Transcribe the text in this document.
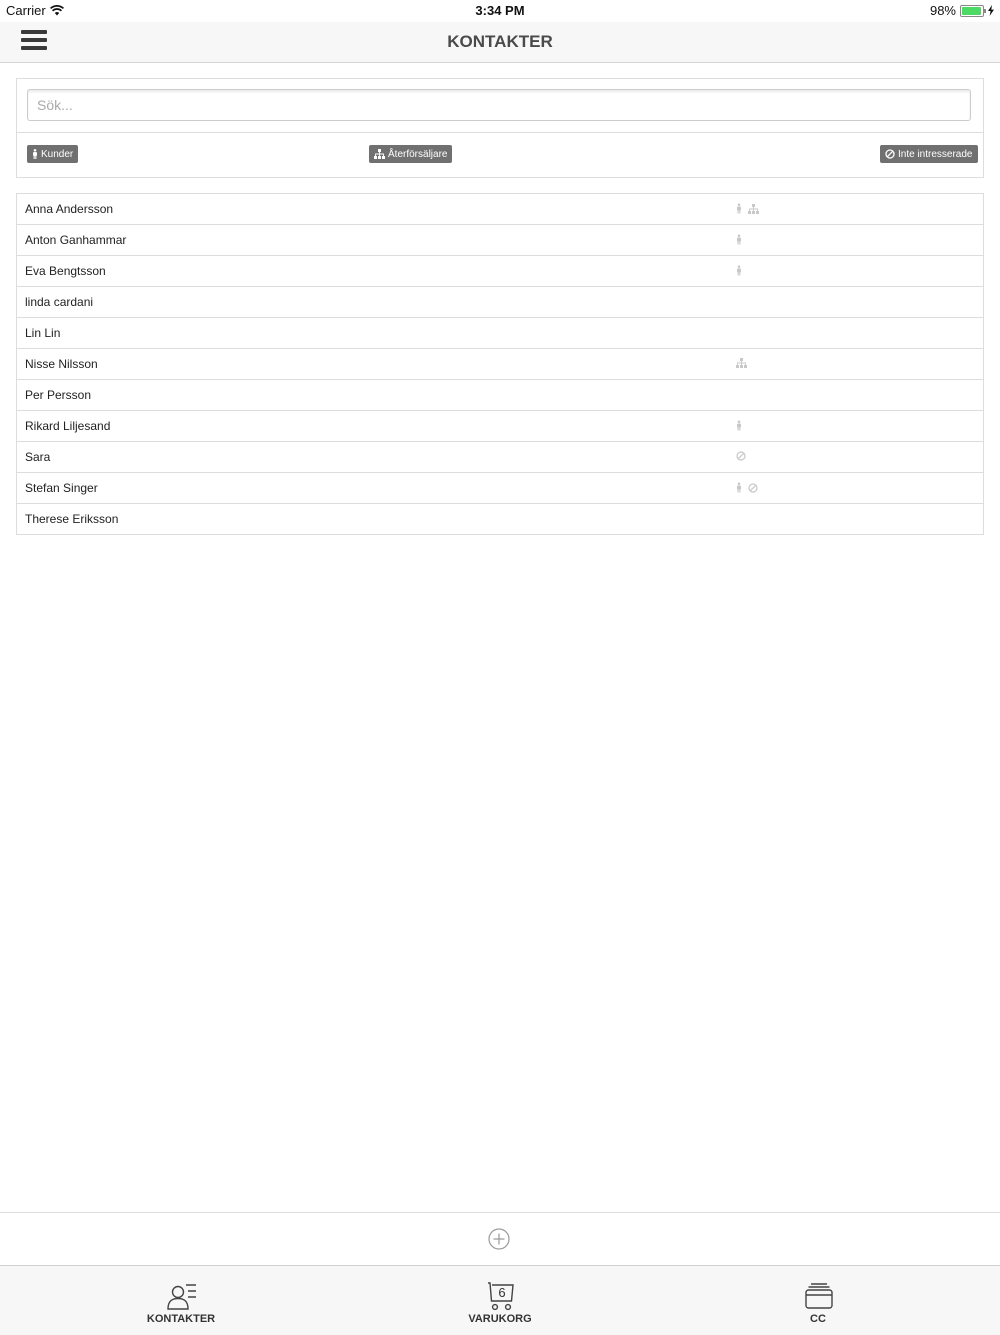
Carrier	3:34 PM	98%
KONTAKTER
Sök...
Kunder	Återförsäljare	Inte intresserade
Anna Andersson
Anton Ganhammar
Eva Bengtsson
linda cardani
Lin Lin
Nisse Nilsson
Per Persson
Rikard Liljesand
Sara
Stefan Singer
Therese Eriksson
KONTAKTER
6
VARUKORG	CC
